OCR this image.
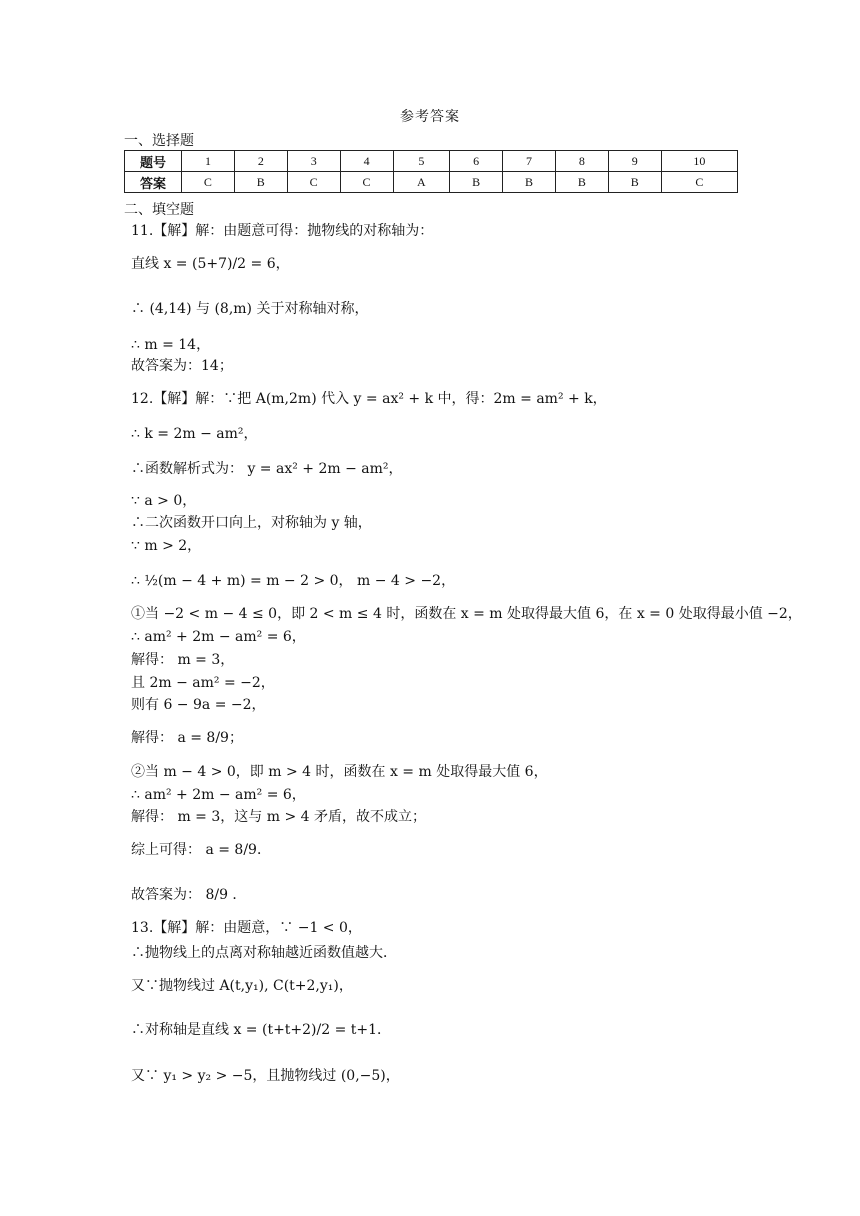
参考答案
一、选择题
题号	1	2	3	4	5	6	7	8	9	10
答案	C	B	C	C	A	B	B	B	B	C
二、填空题
11.【解】解：由题意可得：抛物线的对称轴为：
直线 x = (5+7)/2 = 6，
∴ (4,14) 与 (8,m) 关于对称轴对称，
∴ m = 14，
故答案为：14；
12.【解】解：∵把 A(m,2m) 代入 y = ax² + k 中，得：2m = am² + k，
∴ k = 2m − am²，
∴函数解析式为： y = ax² + 2m − am²，
∵ a > 0，
∴二次函数开口向上，对称轴为 y 轴，
∵ m > 2，
∴ ½(m − 4 + m) = m − 2 > 0， m − 4 > −2，
①当 −2 < m − 4 ≤ 0，即 2 < m ≤ 4 时，函数在 x = m 处取得最大值 6，在 x = 0 处取得最小值 −2，
∴ am² + 2m − am² = 6，
解得： m = 3，
且 2m − am² = −2，
则有 6 − 9a = −2，
解得： a = 8/9；
②当 m − 4 > 0，即 m > 4 时，函数在 x = m 处取得最大值 6，
∴ am² + 2m − am² = 6，
解得： m = 3，这与 m > 4 矛盾，故不成立；
综上可得： a = 8/9．
故答案为： 8/9 ．
13.【解】解：由题意，∵ −1 < 0，
∴抛物线上的点离对称轴越近函数值越大．
又∵抛物线过 A(t,y₁), C(t+2,y₁)，
∴对称轴是直线 x = (t+t+2)/2 = t+1．
又∵ y₁ > y₂ > −5，且抛物线过 (0,−5)，
